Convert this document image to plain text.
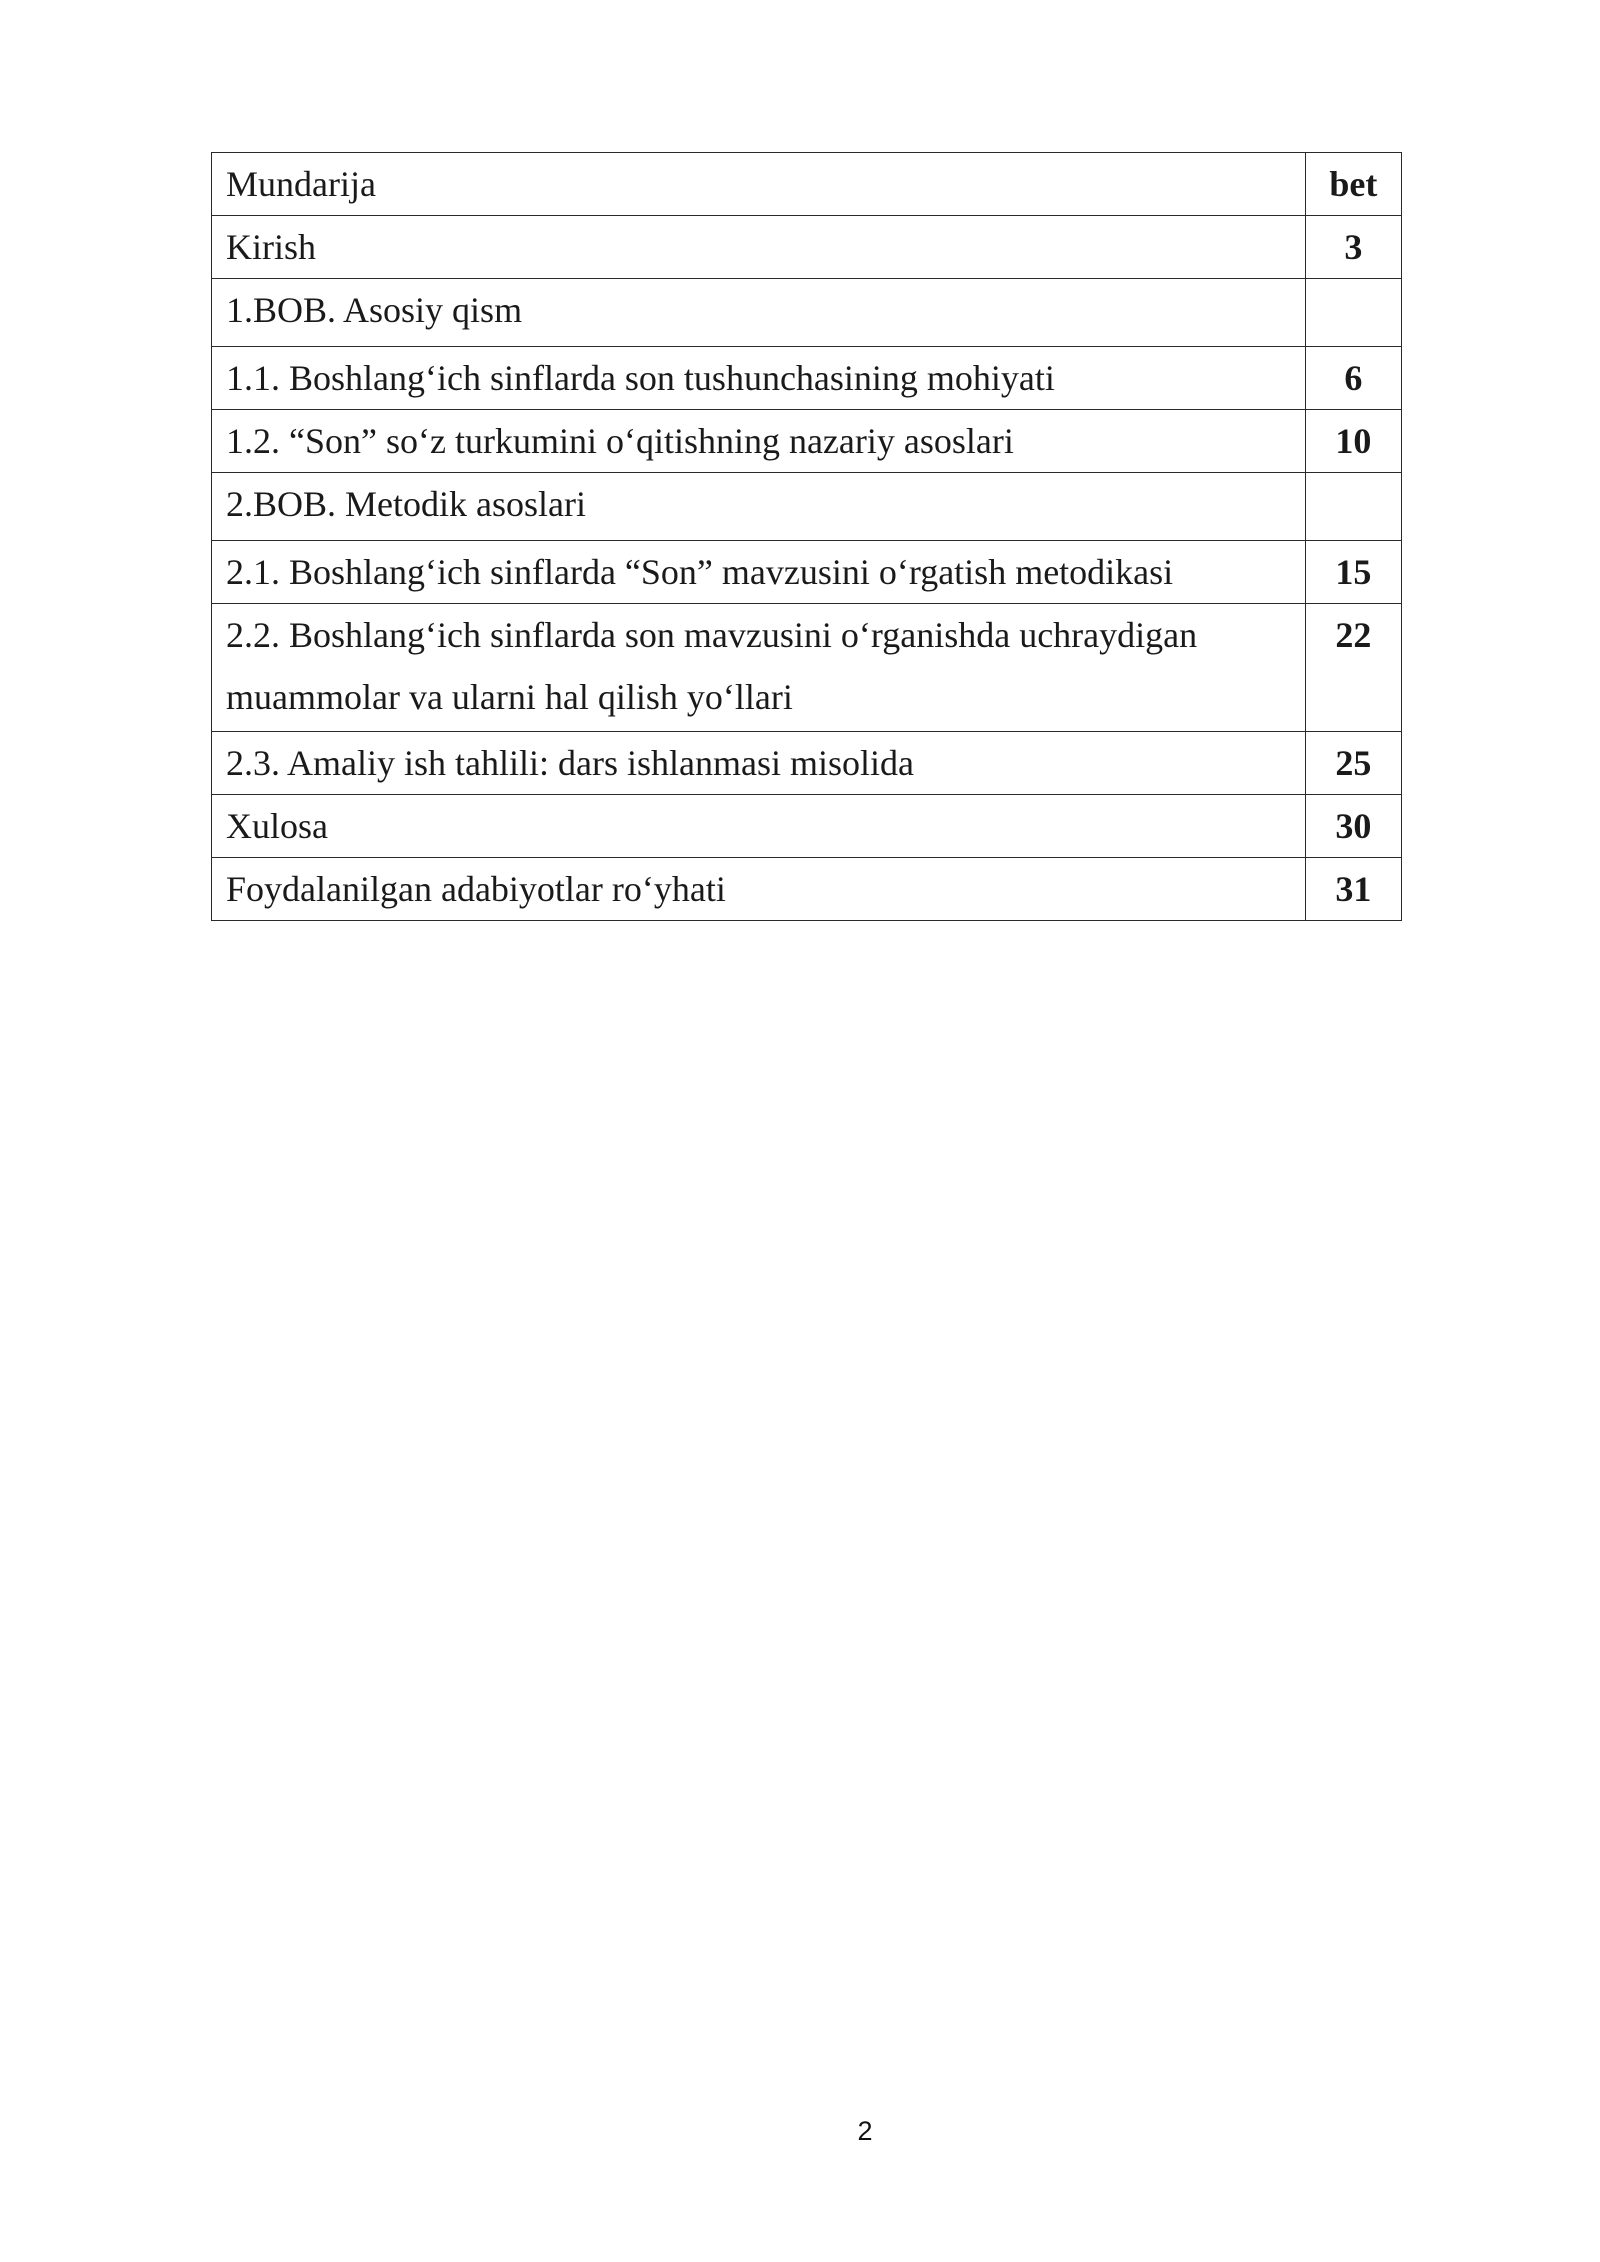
Mundarija	bet
Kirish	3
1.BOB. Asosiy qism	
1.1. Boshlang‘ich sinflarda son tushunchasining mohiyati	6
1.2. “Son” so‘z turkumini o‘qitishning nazariy asoslari	10
2.BOB. Metodik asoslari	
2.1. Boshlang‘ich sinflarda “Son” mavzusini o‘rgatish metodikasi	15
2.2. Boshlang‘ich sinflarda son mavzusini o‘rganishda uchraydigan muammolar va ularni hal qilish yo‘llari	22
2.3. Amaliy ish tahlili: dars ishlanmasi misolida	25
Xulosa	30
Foydalanilgan adabiyotlar ro‘yhati	31
2
